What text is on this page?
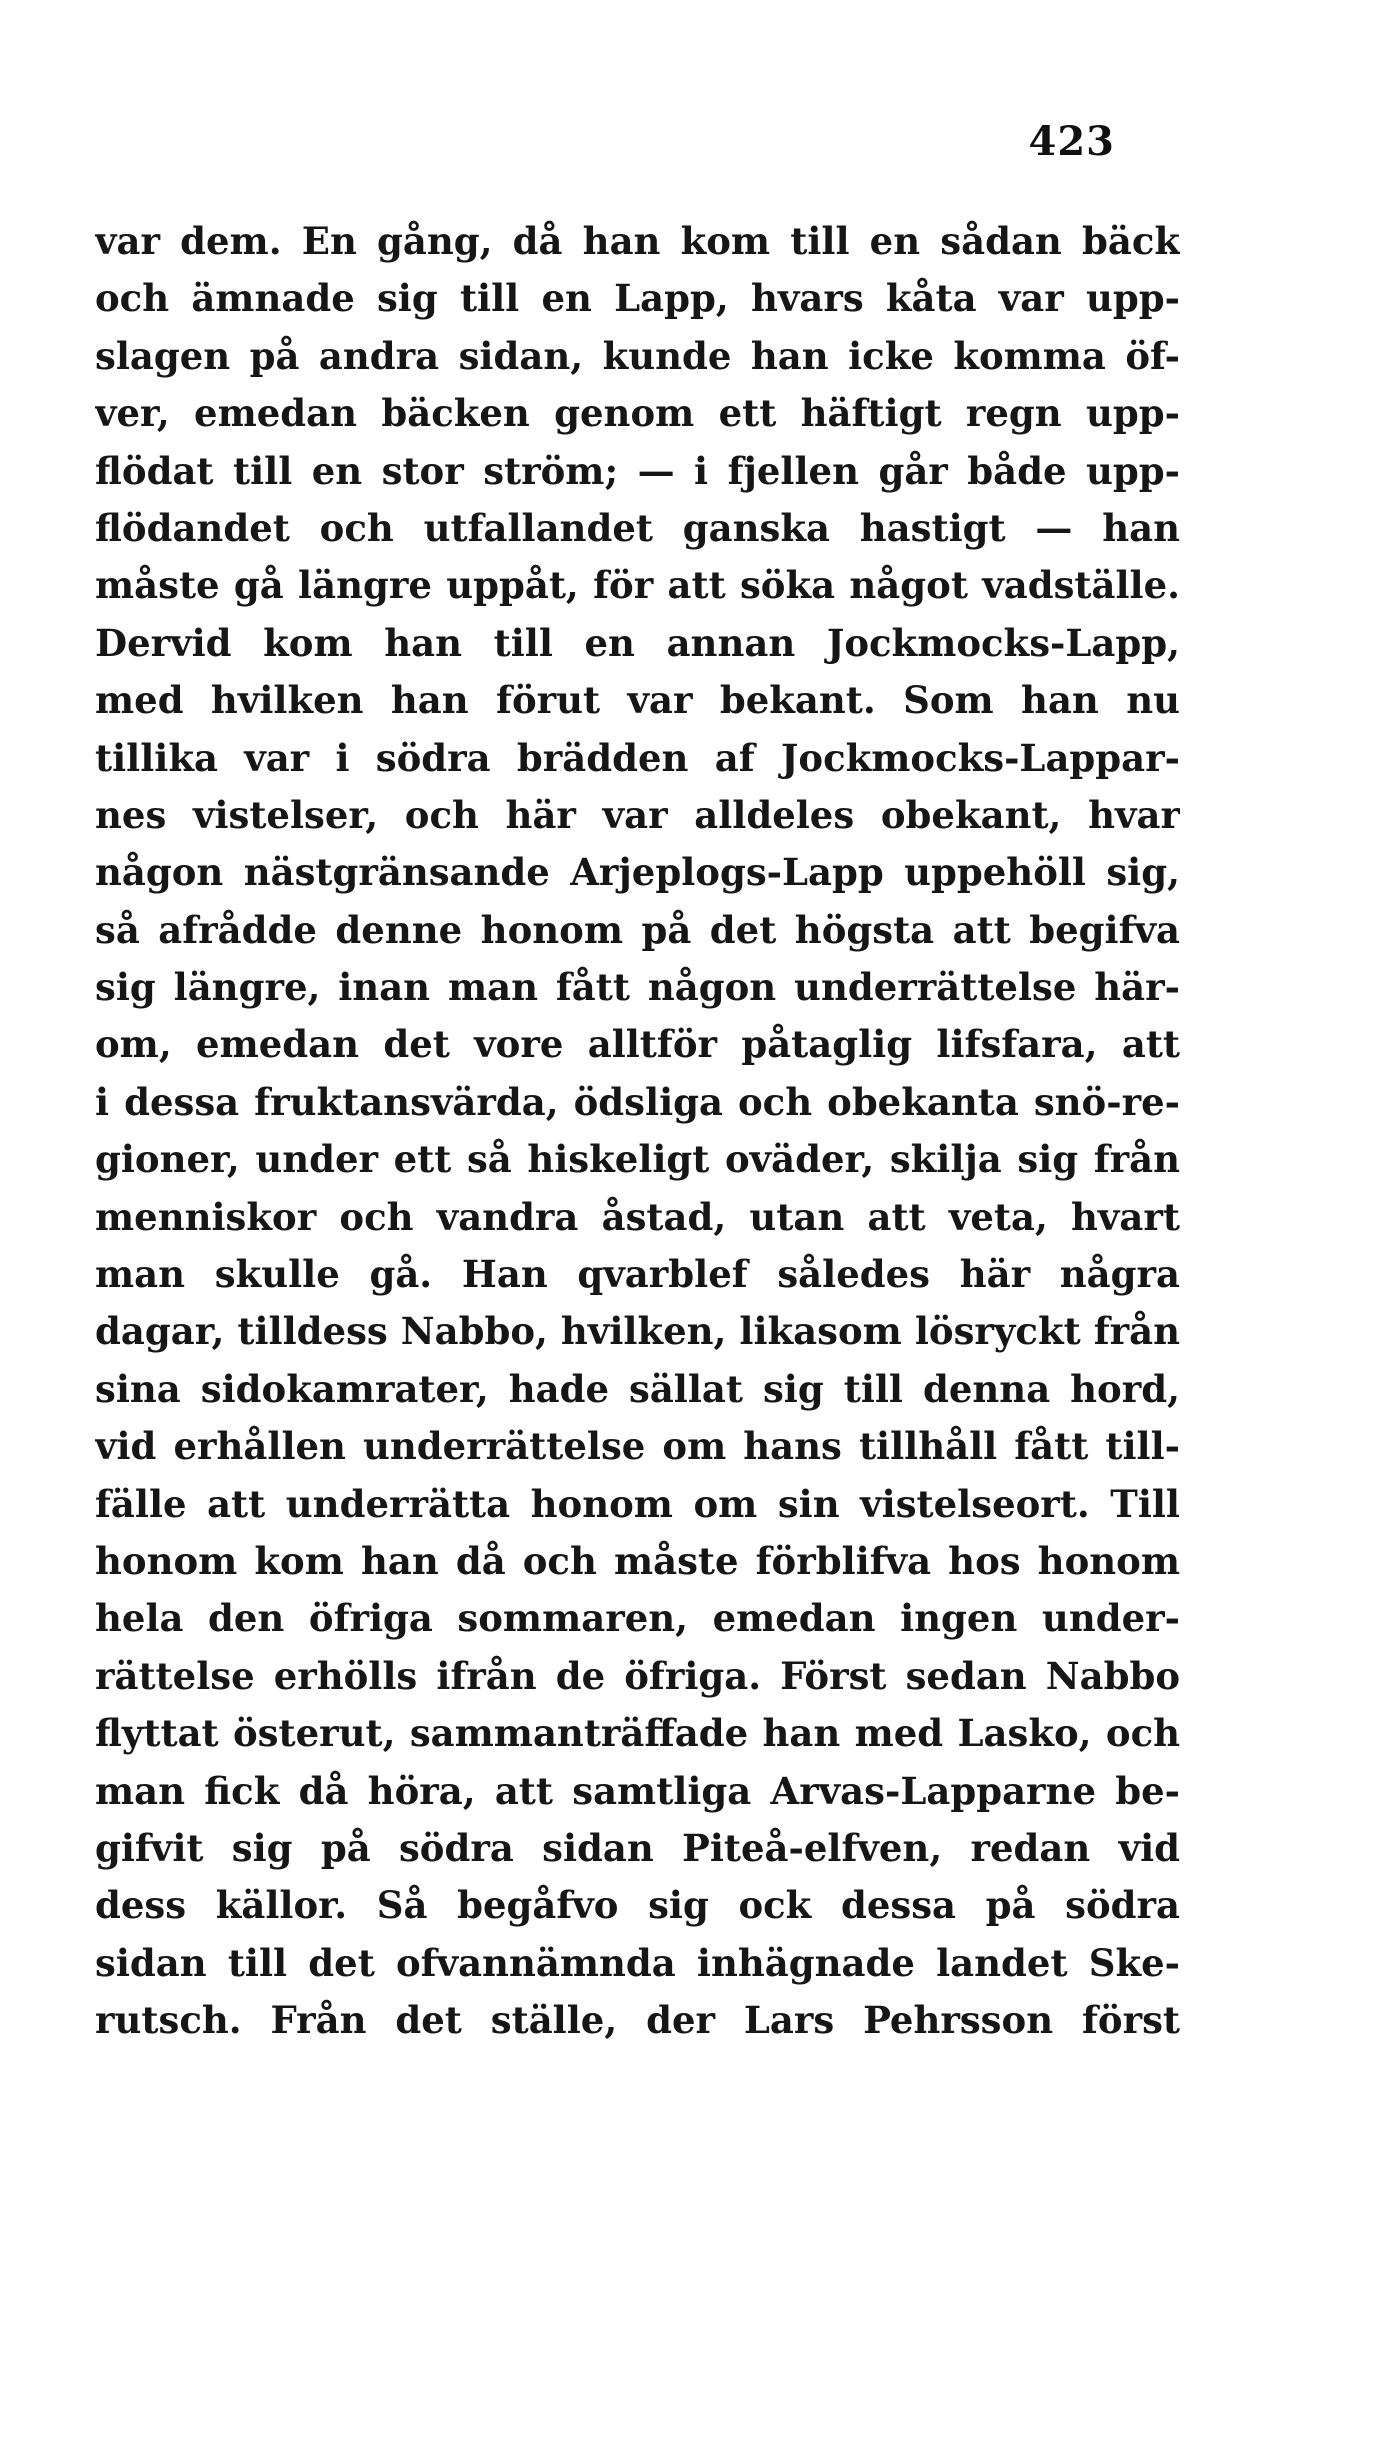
423
var dem. En gång, då han kom till en sådan bäck
och ämnade sig till en Lapp, hvars kåta var upp-
slagen på andra sidan, kunde han icke komma öf-
ver, emedan bäcken genom ett häftigt regn upp-
flödat till en stor ström; — i fjellen går både upp-
flödandet och utfallandet ganska hastigt — han
måste gå längre uppåt, för att söka något vadställe.
Dervid kom han till en annan Jockmocks-Lapp,
med hvilken han förut var bekant. Som han nu
tillika var i södra brädden af Jockmocks-Lappar-
nes vistelser, och här var alldeles obekant, hvar
någon nästgränsande Arjeplogs-Lapp uppehöll sig,
så afrådde denne honom på det högsta att begifva
sig längre, inan man fått någon underrättelse här-
om, emedan det vore alltför påtaglig lifsfara, att
i dessa fruktansvärda, ödsliga och obekanta snö-re-
gioner, under ett så hiskeligt oväder, skilja sig från
menniskor och vandra åstad, utan att veta, hvart
man skulle gå. Han qvarblef således här några
dagar, tilldess Nabbo, hvilken, likasom lösryckt från
sina sidokamrater, hade sällat sig till denna hord,
vid erhållen underrättelse om hans tillhåll fått till-
fälle att underrätta honom om sin vistelseort. Till
honom kom han då och måste förblifva hos honom
hela den öfriga sommaren, emedan ingen under-
rättelse erhölls ifrån de öfriga. Först sedan Nabbo
flyttat österut, sammanträffade han med Lasko, och
man fick då höra, att samtliga Arvas-Lapparne be-
gifvit sig på södra sidan Piteå-elfven, redan vid
dess källor. Så begåfvo sig ock dessa på södra
sidan till det ofvannämnda inhägnade landet Ske-
rutsch. Från det ställe, der Lars Pehrsson först
